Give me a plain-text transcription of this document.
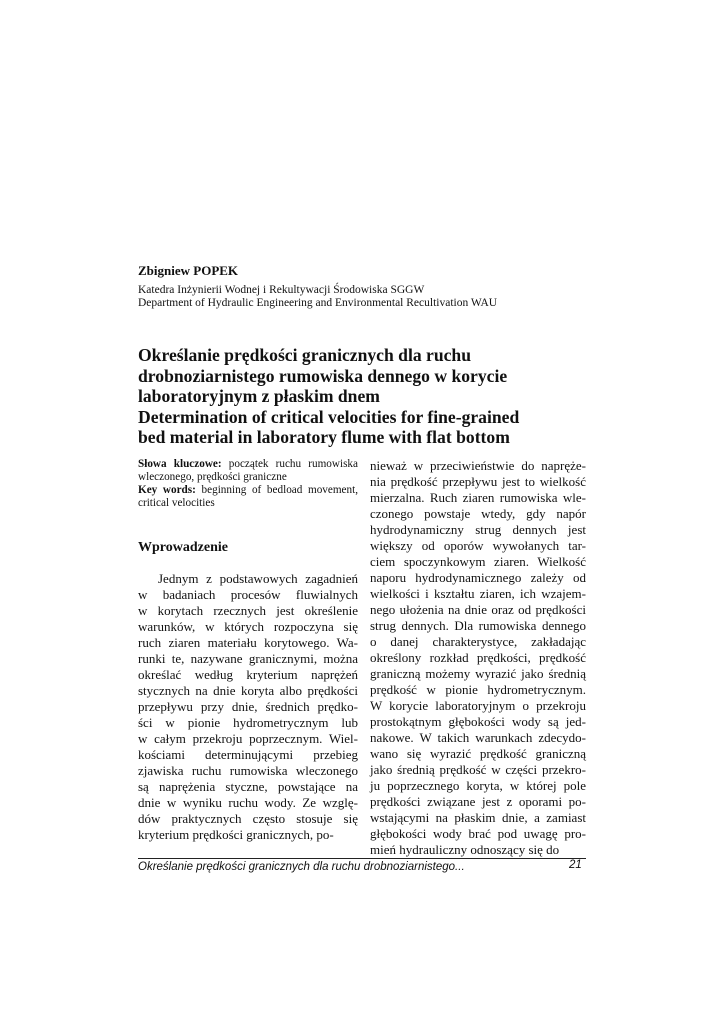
Zbigniew POPEK
Katedra Inżynierii Wodnej i Rekultywacji Środowiska SGGW
Department of Hydraulic Engineering and Environmental Recultivation WAU
Określanie prędkości granicznych dla ruchu
drobnoziarnistego rumowiska dennego w korycie
laboratoryjnym z płaskim dnem
Determination of critical velocities for fine-grained
bed material in laboratory flume with flat bottom
Słowa kluczowe: początek ruchu rumowiska wleczonego, prędkości graniczne
Key words: beginning of bedload movement, critical velocities
Wprowadzenie
Jednym z podstawowych zagadnień
w badaniach procesów fluwialnych
w korytach rzecznych jest określenie
warunków, w których rozpoczyna się
ruch ziaren materiału korytowego. Wa-
runki te, nazywane granicznymi, można
określać według kryterium naprężeń
stycznych na dnie koryta albo prędkości
przepływu przy dnie, średnich prędko-
ści w pionie hydrometrycznym lub
w całym przekroju poprzecznym. Wiel-
kościami determinującymi przebieg
zjawiska ruchu rumowiska wleczonego
są naprężenia styczne, powstające na
dnie w wyniku ruchu wody. Ze wzglę-
dów praktycznych często stosuje się
kryterium prędkości granicznych, po-
nieważ w przeciwieństwie do napręże-
nia prędkość przepływu jest to wielkość
mierzalna. Ruch ziaren rumowiska wle-
czonego powstaje wtedy, gdy napór
hydrodynamiczny strug dennych jest
większy od oporów wywołanych tar-
ciem spoczynkowym ziaren. Wielkość
naporu hydrodynamicznego zależy od
wielkości i kształtu ziaren, ich wzajem-
nego ułożenia na dnie oraz od prędkości
strug dennych. Dla rumowiska dennego
o danej charakterystyce, zakładając
określony rozkład prędkości, prędkość
graniczną możemy wyrazić jako średnią
prędkość w pionie hydrometrycznym.
W korycie laboratoryjnym o przekroju
prostokątnym głębokości wody są jed-
nakowe. W takich warunkach zdecydo-
wano się wyrazić prędkość graniczną
jako średnią prędkość w części przekro-
ju poprzecznego koryta, w której pole
prędkości związane jest z oporami po-
wstającymi na płaskim dnie, a zamiast
głębokości wody brać pod uwagę pro-
mień hydrauliczny odnoszący się do
Określanie prędkości granicznych dla ruchu drobnoziarnistego...	21
